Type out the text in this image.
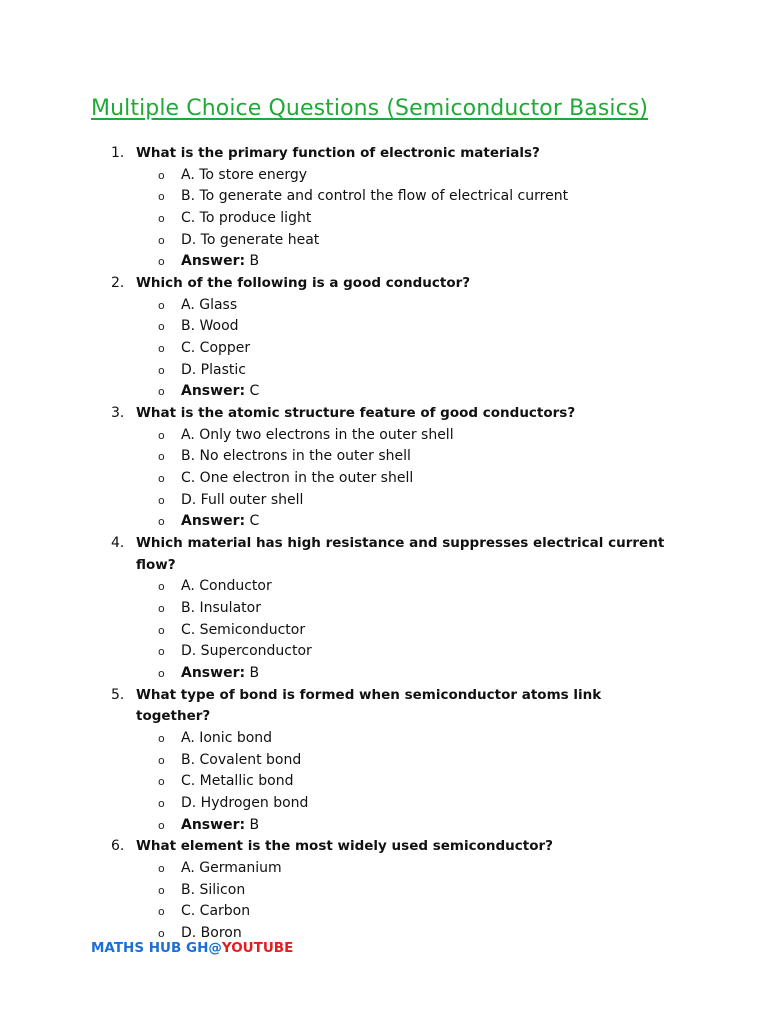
Multiple Choice Questions (Semiconductor Basics)
1. What is the primary function of electronic materials?
o A. To store energy
o B. To generate and control the flow of electrical current
o C. To produce light
o D. To generate heat
o Answer: B
2. Which of the following is a good conductor?
o A. Glass
o B. Wood
o C. Copper
o D. Plastic
o Answer: C
3. What is the atomic structure feature of good conductors?
o A. Only two electrons in the outer shell
o B. No electrons in the outer shell
o C. One electron in the outer shell
o D. Full outer shell
o Answer: C
4. Which material has high resistance and suppresses electrical current flow?
o A. Conductor
o B. Insulator
o C. Semiconductor
o D. Superconductor
o Answer: B
5. What type of bond is formed when semiconductor atoms link together?
o A. Ionic bond
o B. Covalent bond
o C. Metallic bond
o D. Hydrogen bond
o Answer: B
6. What element is the most widely used semiconductor?
o A. Germanium
o B. Silicon
o C. Carbon
o D. Boron
MATHS HUB GH@YOUTUBE
